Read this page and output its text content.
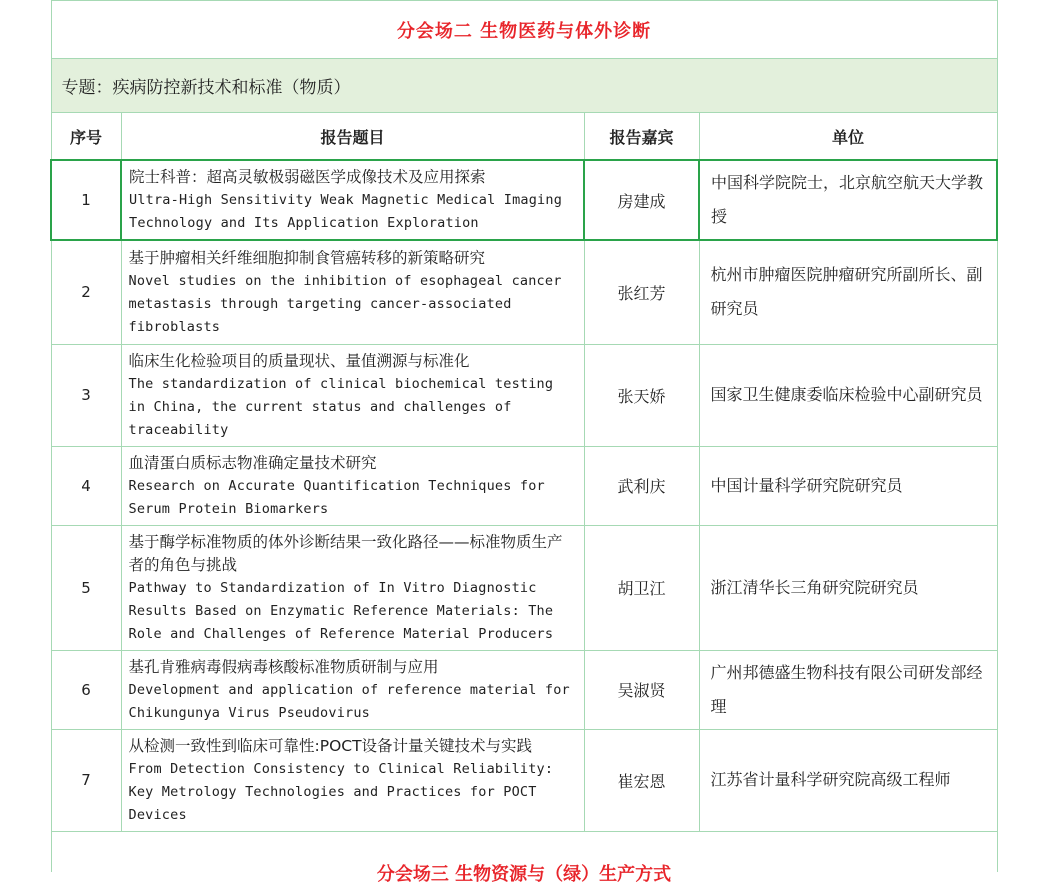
分会场二 生物医药与体外诊断			
专题：疾病防控新技术和标准（物质）			
序号	报告题目	报告嘉宾	单位
1	院士科普：超高灵敏极弱磁医学成像技术及应用探索
Ultra-High Sensitivity Weak Magnetic Medical Imaging Technology and Its Application Exploration	房建成	中国科学院院士，北京航空航天大学教授
2	基于肿瘤相关纤维细胞抑制食管癌转移的新策略研究
Novel studies on the inhibition of esophageal cancer metastasis through targeting cancer-associated fibroblasts	张红芳	杭州市肿瘤医院肿瘤研究所副所长、副研究员
3	临床生化检验项目的质量现状、量值溯源与标准化
The standardization of clinical biochemical testing in China, the current status and challenges of traceability	张天娇	国家卫生健康委临床检验中心副研究员
4	血清蛋白质标志物准确定量技术研究
Research on Accurate Quantification Techniques for Serum Protein Biomarkers	武利庆	中国计量科学研究院研究员
5	基于酶学标准物质的体外诊断结果一致化路径——标准物质生产者的角色与挑战
Pathway to Standardization of In Vitro Diagnostic Results Based on Enzymatic Reference Materials: The Role and Challenges of Reference Material Producers	胡卫江	浙江清华长三角研究院研究员
6	基孔肯雅病毒假病毒核酸标准物质研制与应用
Development and application of reference material for Chikungunya Virus Pseudovirus	吴淑贤	广州邦德盛生物科技有限公司研发部经理
7	从检测一致性到临床可靠性:POCT设备计量关键技术与实践
From Detection Consistency to Clinical Reliability: Key Metrology Technologies and Practices for POCT Devices	崔宏恩	江苏省计量科学研究院高级工程师
分会场三 生物资源与（绿）生产方式			
